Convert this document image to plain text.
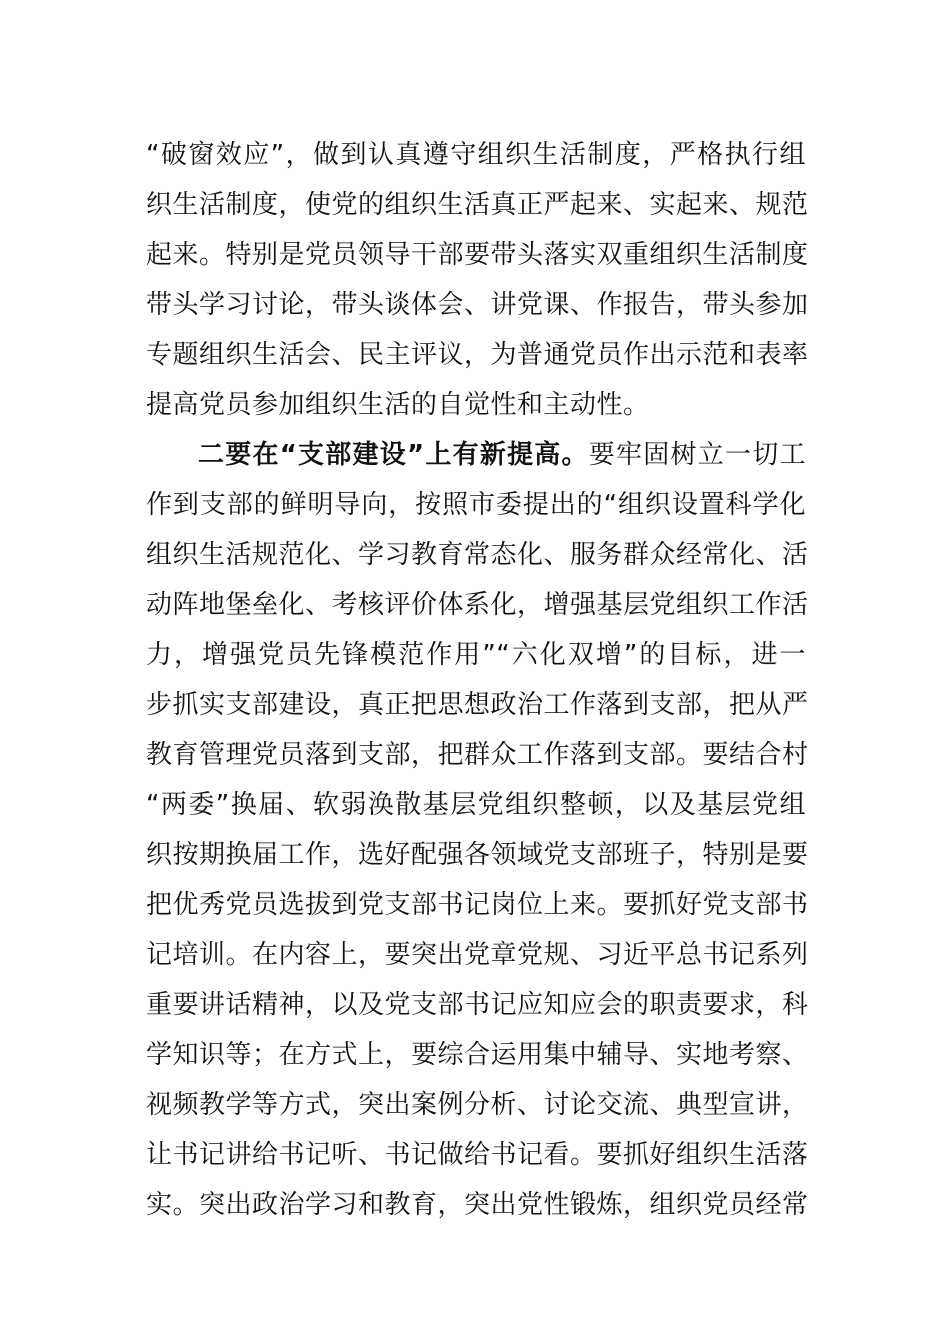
“破窗效应”，做到认真遵守组织生活制度，严格执行组
织生活制度，使党的组织生活真正严起来、实起来、规范
起来。特别是党员领导干部要带头落实双重组织生活制度
带头学习讨论，带头谈体会、讲党课、作报告，带头参加
专题组织生活会、民主评议，为普通党员作出示范和表率
提高党员参加组织生活的自觉性和主动性。
二要在“支部建设”上有新提高。要牢固树立一切工
作到支部的鲜明导向，按照市委提出的“组织设置科学化
组织生活规范化、学习教育常态化、服务群众经常化、活
动阵地堡垒化、考核评价体系化，增强基层党组织工作活
力，增强党员先锋模范作用”“六化双增”的目标，进一
步抓实支部建设，真正把思想政治工作落到支部，把从严
教育管理党员落到支部，把群众工作落到支部。要结合村
“两委”换届、软弱涣散基层党组织整顿，以及基层党组
织按期换届工作，选好配强各领域党支部班子，特别是要
把优秀党员选拔到党支部书记岗位上来。要抓好党支部书
记培训。在内容上，要突出党章党规、习近平总书记系列
重要讲话精神，以及党支部书记应知应会的职责要求，科
学知识等；在方式上，要综合运用集中辅导、实地考察、
视频教学等方式，突出案例分析、讨论交流、典型宣讲，
让书记讲给书记听、书记做给书记看。要抓好组织生活落
实。突出政治学习和教育，突出党性锻炼，组织党员经常
